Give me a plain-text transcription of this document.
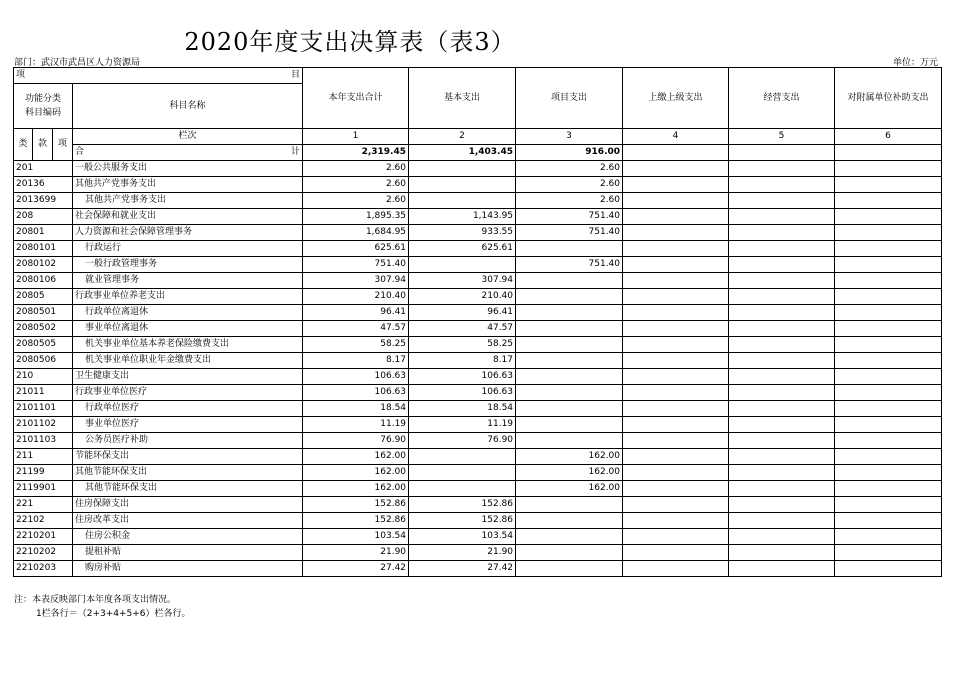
2020年度支出决算表（表3）
部门：武汉市武昌区人力资源局	单位：万元
项 目				本年支出合计	基本支出	项目支出	上缴上级支出	经营支出	对附属单位补助支出

功能分类
科目编码			科目名称						

类	款	项							
			栏次	1	2	3	4	5	6
			合 计	2,319.45	1,403.45	916.00			
201			一般公共服务支出	2.60		2.60			
20136			其他共产党事务支出	2.60		2.60			
2013699			其他共产党事务支出	2.60		2.60			
208			社会保障和就业支出	1,895.35	1,143.95	751.40			
20801			人力资源和社会保障管理事务	1,684.95	933.55	751.40			
2080101			行政运行	625.61	625.61				
2080102			一般行政管理事务	751.40		751.40			
2080106			就业管理事务	307.94	307.94				
20805			行政事业单位养老支出	210.40	210.40				
2080501			行政单位离退休	96.41	96.41				
2080502			事业单位离退休	47.57	47.57				
2080505			机关事业单位基本养老保险缴费支出	58.25	58.25				
2080506			机关事业单位职业年金缴费支出	8.17	8.17				
210			卫生健康支出	106.63	106.63				
21011			行政事业单位医疗	106.63	106.63				
2101101			行政单位医疗	18.54	18.54				
2101102			事业单位医疗	11.19	11.19				
2101103			公务员医疗补助	76.90	76.90				
211			节能环保支出	162.00		162.00			
21199			其他节能环保支出	162.00		162.00			
2119901			其他节能环保支出	162.00		162.00			
221			住房保障支出	152.86	152.86				
22102			住房改革支出	152.86	152.86				
2210201			住房公积金	103.54	103.54				
2210202			提租补贴	21.90	21.90				
2210203			购房补贴	27.42	27.42				
注：本表反映部门本年度各项支出情况。
1栏各行＝（2+3+4+5+6）栏各行。
